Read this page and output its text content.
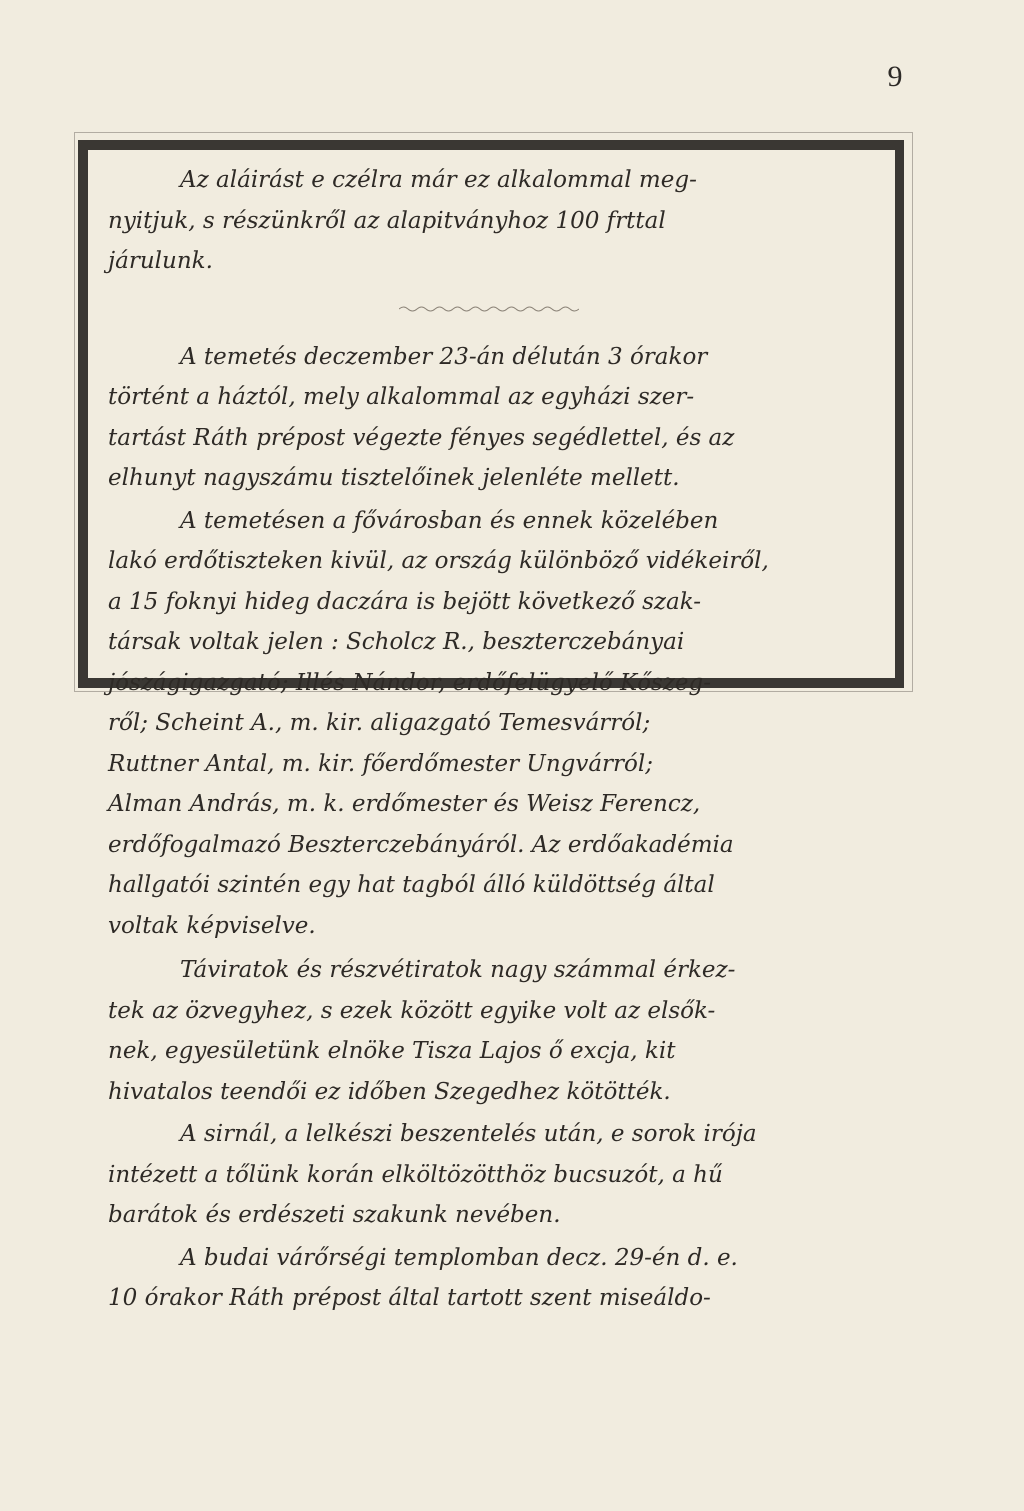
9

Az aláirást e czélra már ez alkalommal meg-

nyitjuk, s részünkről az alapitványhoz 100 frttal

járulunk.

A temetés deczember 23-án délután 3 órakor

történt a háztól, mely alkalommal az egyházi szer-

tartást Ráth prépost végezte fényes segédlettel, és az

elhunyt nagyszámu tisztelőinek jelenléte mellett.

A temetésen a fővárosban és ennek közelében

lakó erdőtiszteken kivül, az ország különböző vidékeiről,

a 15 foknyi hideg daczára is bejött következő szak-

társak voltak jelen : Scholcz R., beszterczebányai

jószágigazgató; Illés Nándor, erdőfelügyelő Kőszeg-

ről; Scheint A., m. kir. aligazgató Temesvárról;

Ruttner Antal, m. kir. főerdőmester Ungvárról;

Alman András, m. k. erdőmester és Weisz Ferencz,

erdőfogalmazó Beszterczebányáról. Az erdőakadémia

hallgatói szintén egy hat tagból álló küldöttség által

voltak képviselve.

Táviratok és részvétiratok nagy számmal érkez-

tek az özvegyhez, s ezek között egyike volt az elsők-

nek, egyesületünk elnöke Tisza Lajos ő excja, kit

hivatalos teendői ez időben Szegedhez kötötték.

A sirnál, a lelkészi beszentelés után, e sorok irója

intézett a tőlünk korán elköltözötthöz bucsuzót, a hű

barátok és erdészeti szakunk nevében.

A budai várőrségi templomban decz. 29-én d. e.

10 órakor Ráth prépost által tartott szent miseáldo-
